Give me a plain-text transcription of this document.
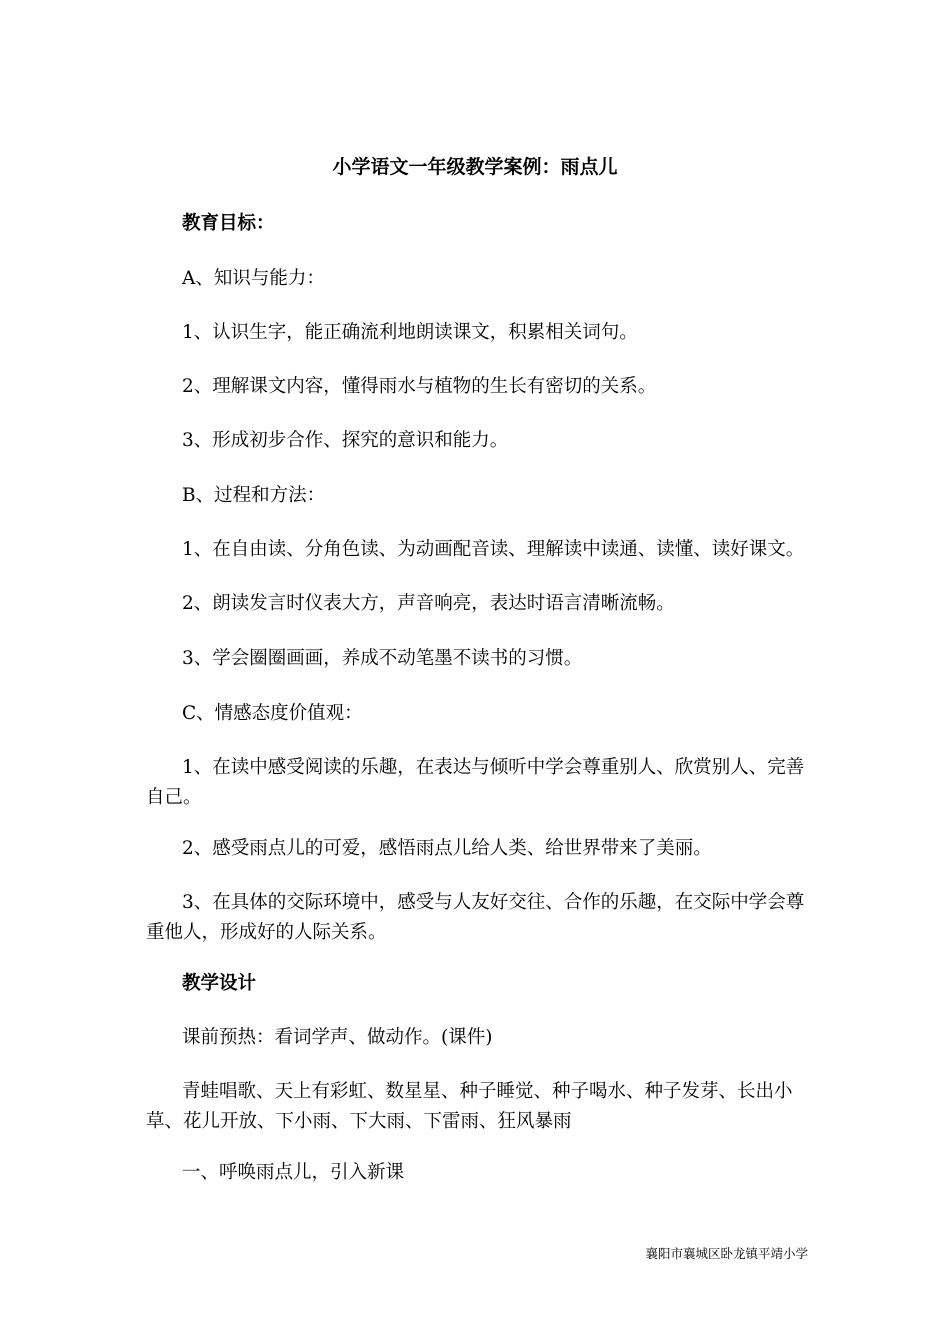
小学语文一年级教学案例：雨点儿

教育目标：

A、知识与能力：

1、认识生字，能正确流利地朗读课文，积累相关词句。

2、理解课文内容，懂得雨水与植物的生长有密切的关系。

3、形成初步合作、探究的意识和能力。

B、过程和方法：

1、在自由读、分角色读、为动画配音读、理解读中读通、读懂、读好课文。

2、朗读发言时仪表大方，声音响亮，表达时语言清晰流畅。

3、学会圈圈画画，养成不动笔墨不读书的习惯。

C、情感态度价值观：

1、在读中感受阅读的乐趣，在表达与倾听中学会尊重别人、欣赏别人、完善自己。

2、感受雨点儿的可爱，感悟雨点儿给人类、给世界带来了美丽。

3、在具体的交际环境中，感受与人友好交往、合作的乐趣，在交际中学会尊重他人，形成好的人际关系。

教学设计

课前预热：看词学声、做动作。(课件)

青蛙唱歌、天上有彩虹、数星星、种子睡觉、种子喝水、种子发芽、长出小草、花儿开放、下小雨、下大雨、下雷雨、狂风暴雨

一、呼唤雨点儿，引入新课

襄阳市襄城区卧龙镇平靖小学
